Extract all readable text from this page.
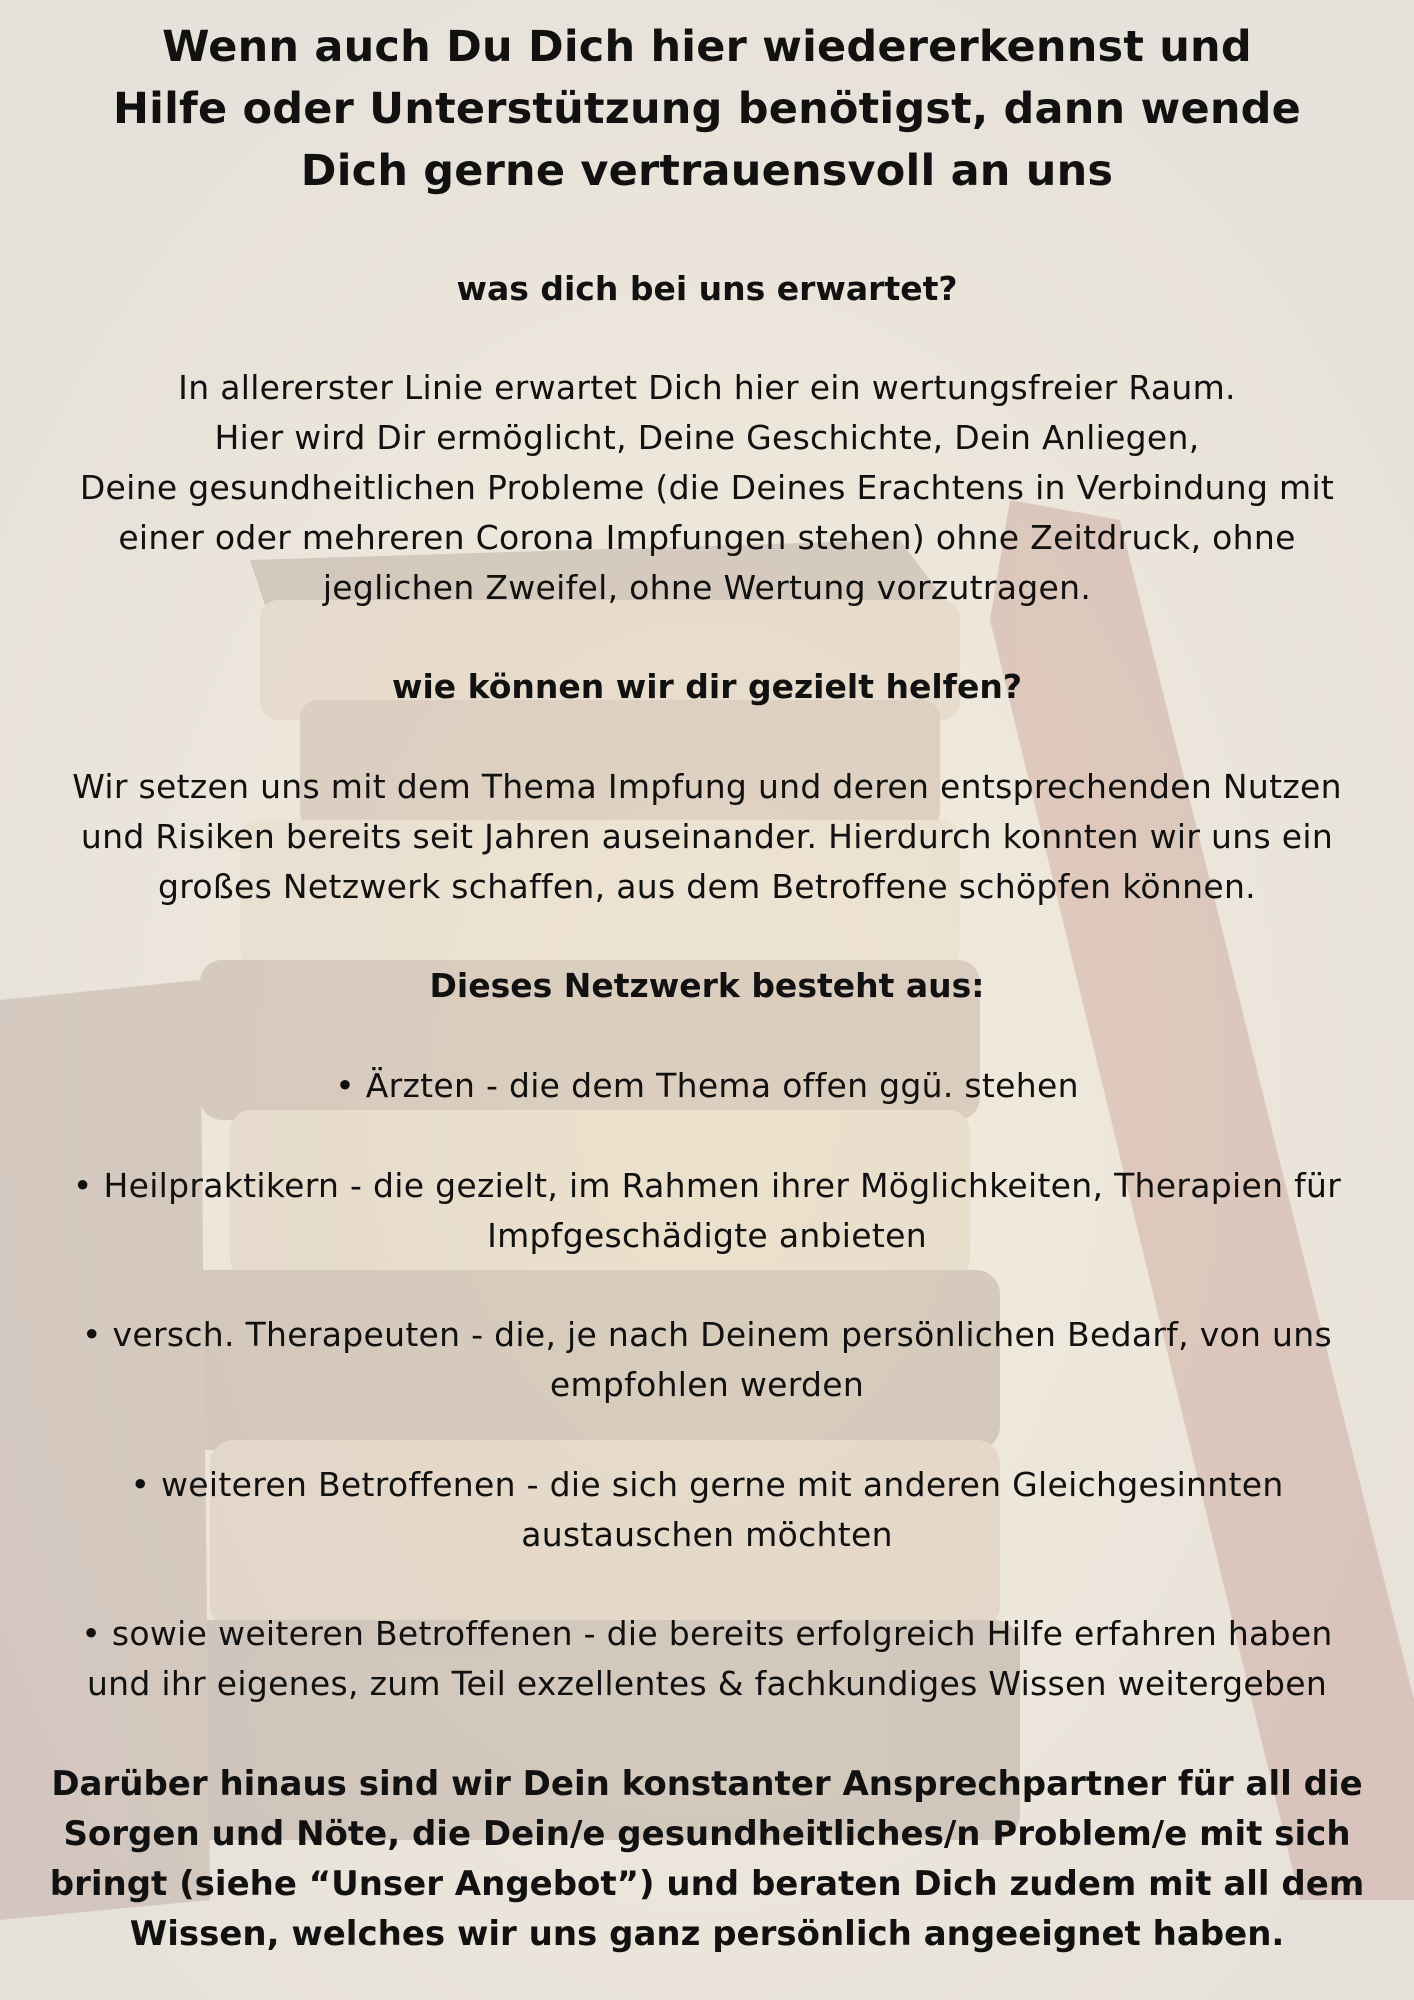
Wenn auch Du Dich hier wiedererkennst und
Hilfe oder Unterstützung benötigst, dann wende
Dich gerne vertrauensvoll an uns
was dich bei uns erwartet?

In allererster Linie erwartet Dich hier ein wertungsfreier Raum.
Hier wird Dir ermöglicht, Deine Geschichte, Dein Anliegen,
Deine gesundheitlichen Probleme (die Deines Erachtens in Verbindung mit
einer oder mehreren Corona Impfungen stehen) ohne Zeitdruck, ohne
jeglichen Zweifel, ohne Wertung vorzutragen.

wie können wir dir gezielt helfen?

Wir setzen uns mit dem Thema Impfung und deren entsprechenden Nutzen
und Risiken bereits seit Jahren auseinander. Hierdurch konnten wir uns ein
großes Netzwerk schaffen, aus dem Betroffene schöpfen können.

Dieses Netzwerk besteht aus:

• Ärzten - die dem Thema offen ggü. stehen

• Heilpraktikern - die gezielt, im Rahmen ihrer Möglichkeiten, Therapien für
Impfgeschädigte anbieten

• versch. Therapeuten - die, je nach Deinem persönlichen Bedarf, von uns
empfohlen werden

• weiteren Betroffenen - die sich gerne mit anderen Gleichgesinnten
austauschen möchten

• sowie weiteren Betroffenen - die bereits erfolgreich Hilfe erfahren haben
und ihr eigenes, zum Teil exzellentes & fachkundiges Wissen weitergeben

Darüber hinaus sind wir Dein konstanter Ansprechpartner für all die
Sorgen und Nöte, die Dein/e gesundheitliches/n Problem/e mit sich
bringt (siehe “Unser Angebot”) und beraten Dich zudem mit all dem
Wissen, welches wir uns ganz persönlich angeeignet haben.
